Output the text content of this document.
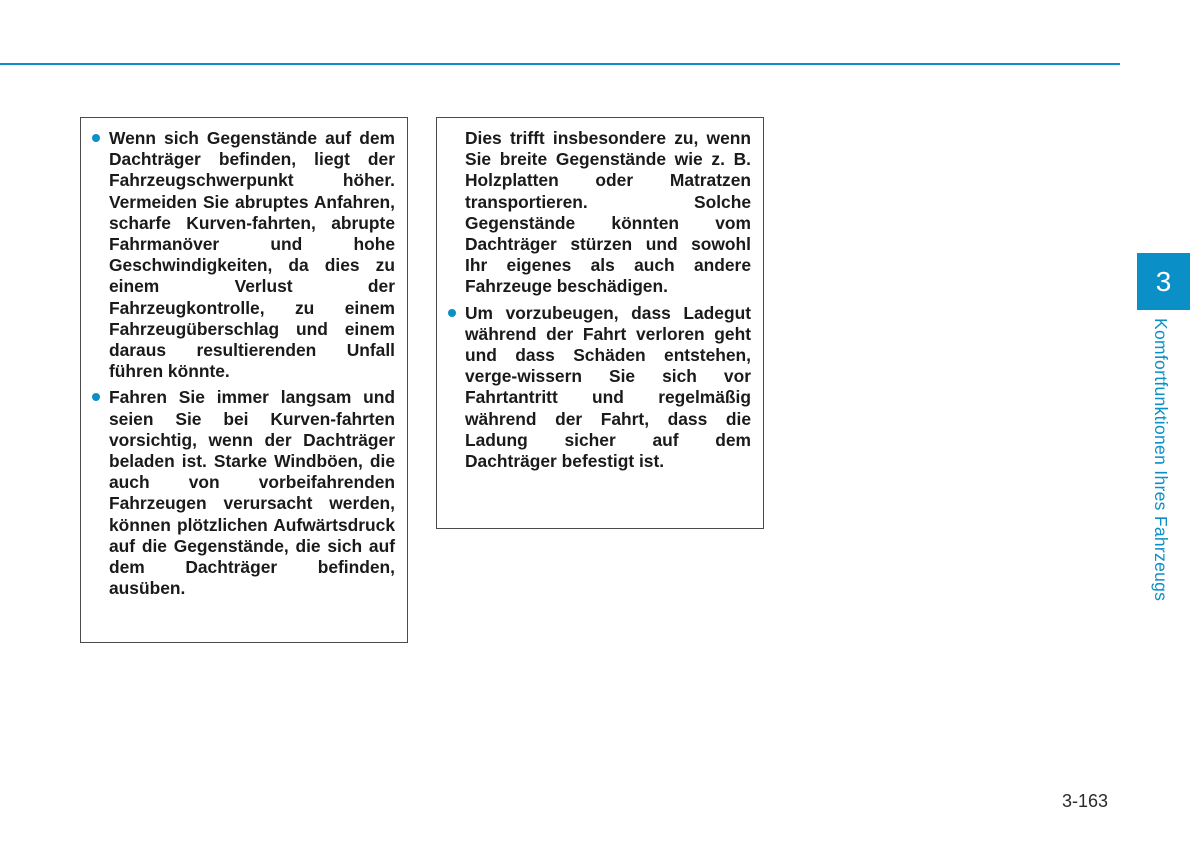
Wenn sich Gegenstände auf dem Dachträger befinden, liegt der Fahrzeugschwerpunkt höher. Vermeiden Sie abruptes Anfahren, scharfe Kurven-fahrten, abrupte Fahrmanöver und hohe Geschwindigkeiten, da dies zu einem Verlust der Fahrzeugkontrolle, zu einem Fahrzeugüberschlag und einem daraus resultierenden Unfall führen könnte.
Fahren Sie immer langsam und seien Sie bei Kurven-fahrten vorsichtig, wenn der Dachträger beladen ist. Starke Windböen, die auch von vorbeifahrenden Fahrzeugen verursacht werden, können plötzlichen Aufwärtsdruck auf die Gegenstände, die sich auf dem Dachträger befinden, ausüben.
Dies trifft insbesondere zu, wenn Sie breite Gegenstände wie z. B. Holzplatten oder Matratzen transportieren. Solche Gegenstände könnten vom Dachträger stürzen und sowohl Ihr eigenes als auch andere Fahrzeuge beschädigen.
Um vorzubeugen, dass Ladegut während der Fahrt verloren geht und dass Schäden entstehen, verge-wissern Sie sich vor Fahrtantritt und regelmäßig während der Fahrt, dass die Ladung sicher auf dem Dachträger befestigt ist.
3
Komfortfunktionen Ihres Fahrzeugs
3-163
